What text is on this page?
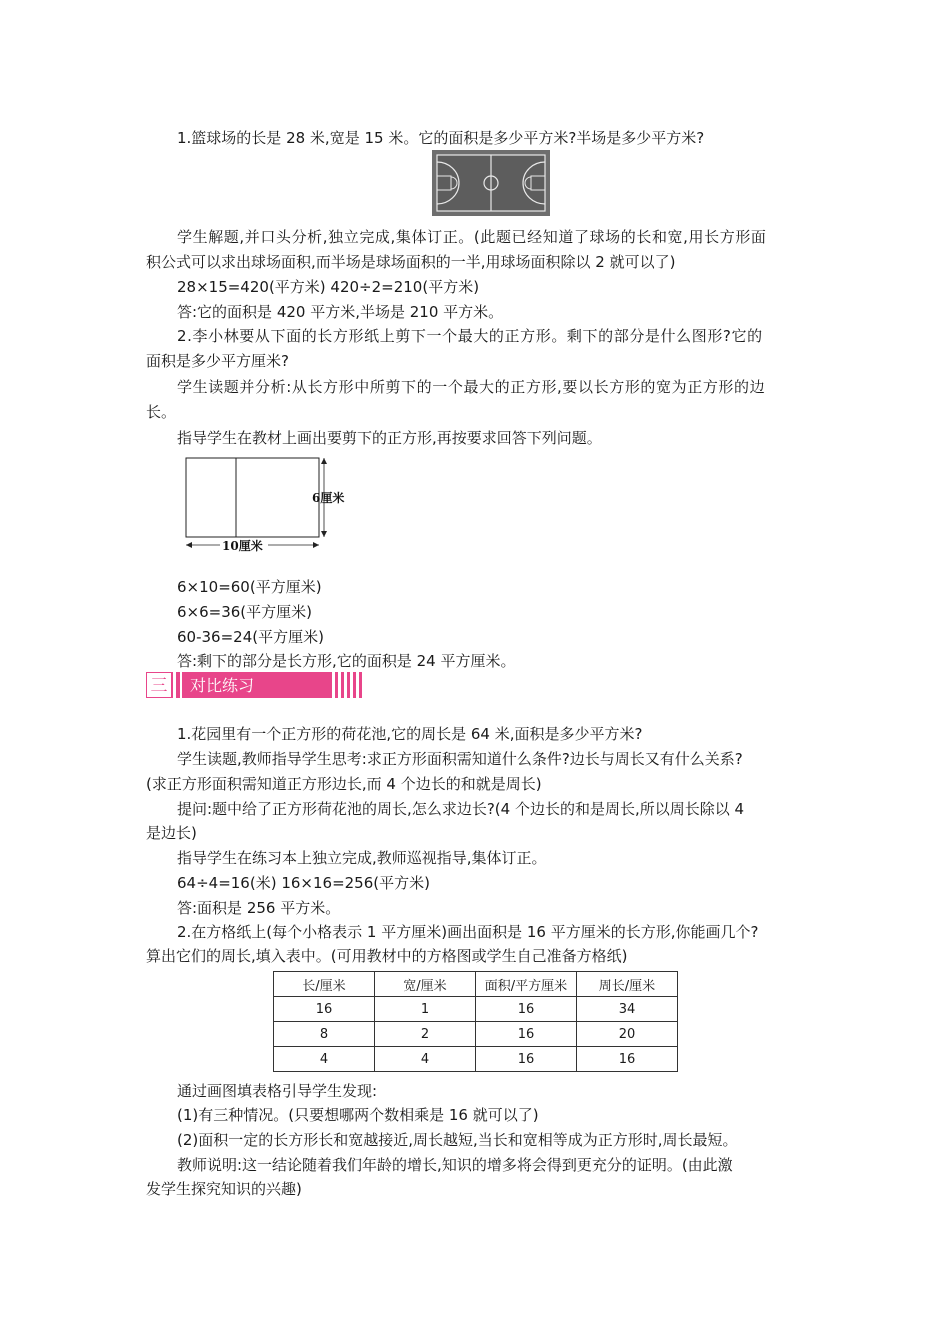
1.篮球场的长是 28 米,宽是 15 米。它的面积是多少平方米?半场是多少平方米?
学生解题,并口头分析,独立完成,集体订正。(此题已经知道了球场的长和宽,用长方形面
积公式可以求出球场面积,而半场是球场面积的一半,用球场面积除以 2 就可以了)
28×15=420(平方米) 420÷2=210(平方米)
答:它的面积是 420 平方米,半场是 210 平方米。
2.李小林要从下面的长方形纸上剪下一个最大的正方形。剩下的部分是什么图形?它的
面积是多少平方厘米?
学生读题并分析:从长方形中所剪下的一个最大的正方形,要以长方形的宽为正方形的边
长。
指导学生在教材上画出要剪下的正方形,再按要求回答下列问题。
6厘米
10厘米
6×10=60(平方厘米)
6×6=36(平方厘米)
60-36=24(平方厘米)
答:剩下的部分是长方形,它的面积是 24 平方厘米。
三 对比练习
1.花园里有一个正方形的荷花池,它的周长是 64 米,面积是多少平方米?
学生读题,教师指导学生思考:求正方形面积需知道什么条件?边长与周长又有什么关系?
(求正方形面积需知道正方形边长,而 4 个边长的和就是周长)
提问:题中给了正方形荷花池的周长,怎么求边长?(4 个边长的和是周长,所以周长除以 4
是边长)
指导学生在练习本上独立完成,教师巡视指导,集体订正。
64÷4=16(米) 16×16=256(平方米)
答:面积是 256 平方米。
2.在方格纸上(每个小格表示 1 平方厘米)画出面积是 16 平方厘米的长方形,你能画几个?
算出它们的周长,填入表中。(可用教材中的方格图或学生自己准备方格纸)
长/厘米	宽/厘米	面积/平方厘米	周长/厘米
16	1	16	34
8	2	16	20
4	4	16	16
通过画图填表格引导学生发现:
(1)有三种情况。(只要想哪两个数相乘是 16 就可以了)
(2)面积一定的长方形长和宽越接近,周长越短,当长和宽相等成为正方形时,周长最短。
教师说明:这一结论随着我们年龄的增长,知识的增多将会得到更充分的证明。(由此激
发学生探究知识的兴趣)
